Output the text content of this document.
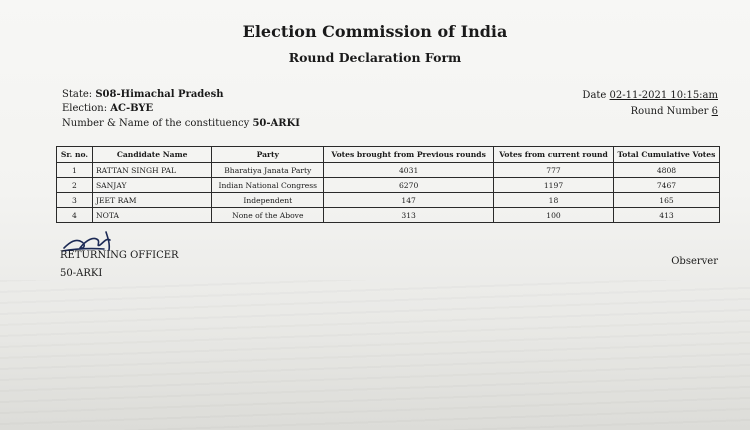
Election Commission of India
Round Declaration Form
State: S08-Himachal Pradesh
Election: AC-BYE
Number & Name of the constituency 50-ARKI
Date 02-11-2021 10:15:am
Round Number 6
Sr. no.	Candidate Name	Party	Votes brought from Previous rounds	Votes from current round	Total Cumulative Votes
1	RATTAN SINGH PAL	Bharatiya Janata Party	4031	777	4808
2	SANJAY	Indian National Congress	6270	1197	7467
3	JEET RAM	Independent	147	18	165
4	NOTA	None of the Above	313	100	413
RETURNING OFFICER
50-ARKI
Observer
